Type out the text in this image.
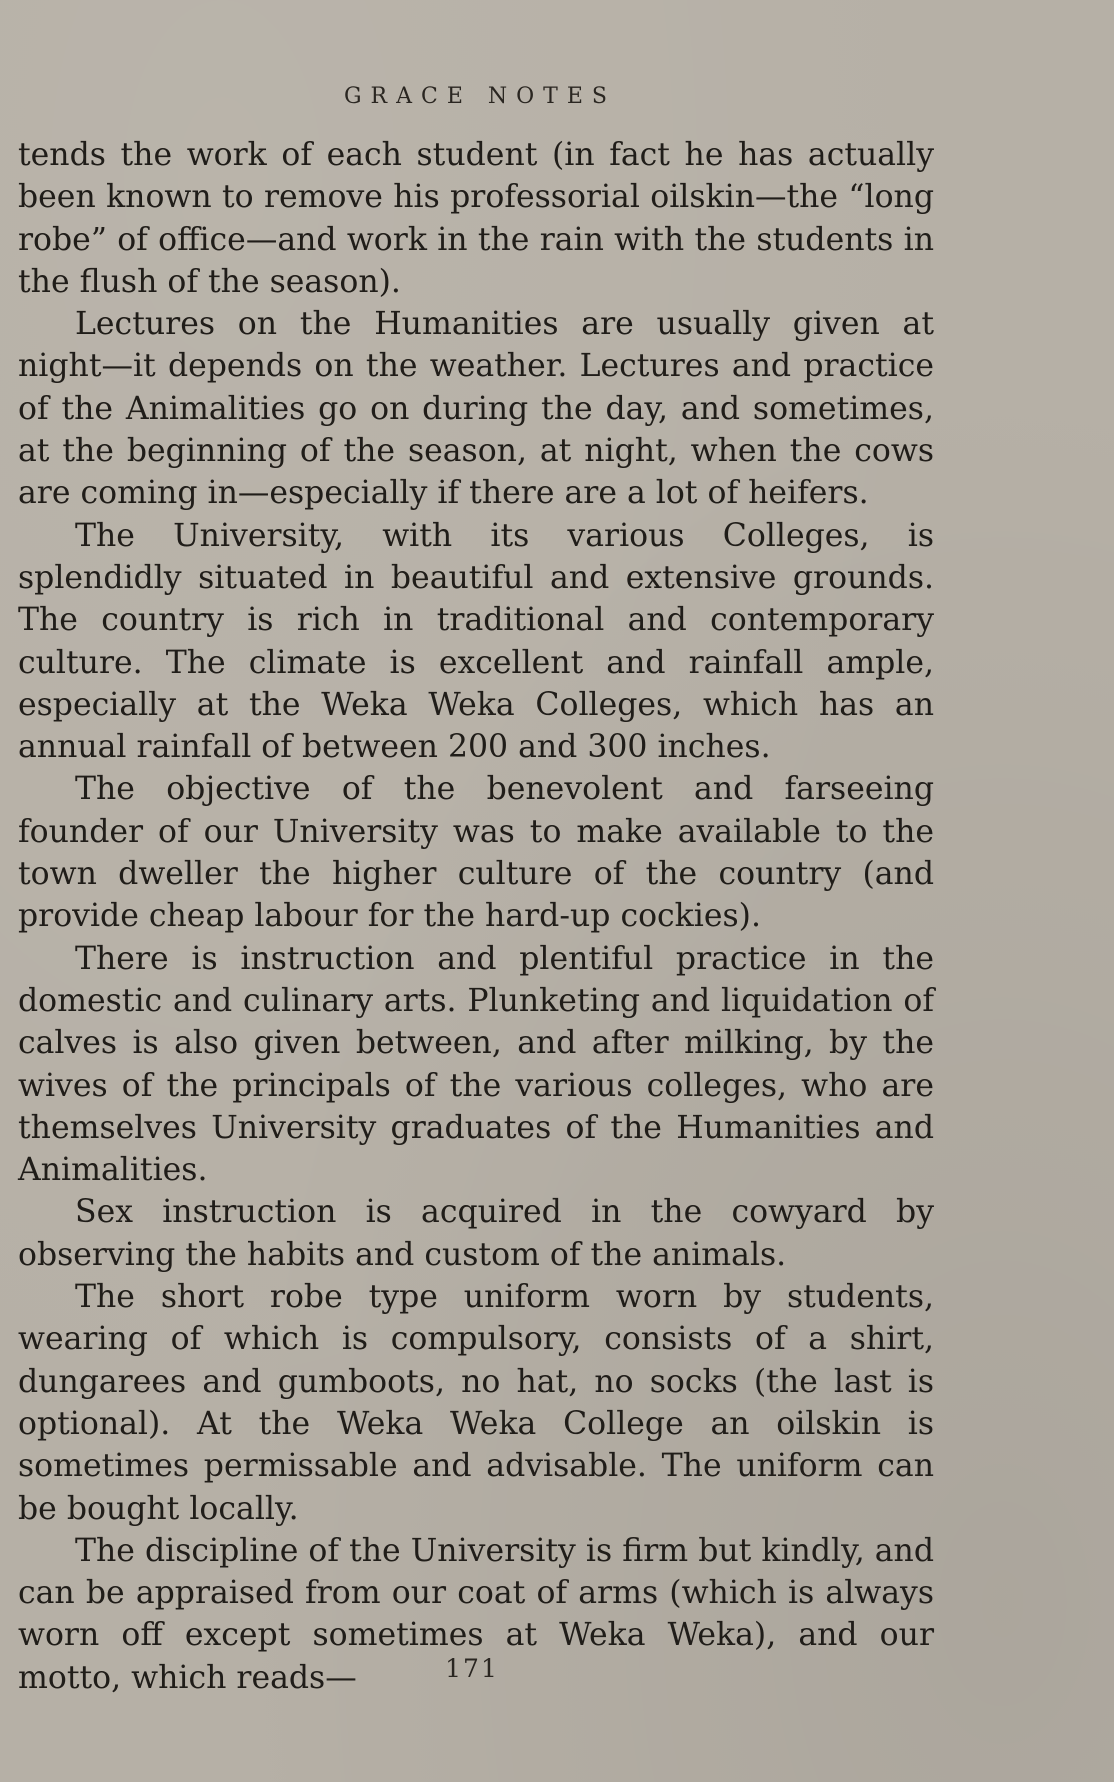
GRACE NOTES

tends the work of each student (in fact he has actually been known to remove his professorial oilskin—the “long robe” of office—and work in the rain with the students in the flush of the season).

Lectures on the Humanities are usually given at night—it depends on the weather. Lectures and practice of the Animalities go on during the day, and sometimes, at the beginning of the season, at night, when the cows are coming in—especially if there are a lot of heifers.

The University, with its various Colleges, is splendidly situated in beautiful and extensive grounds. The country is rich in traditional and contemporary culture. The climate is excellent and rainfall ample, especially at the Weka Weka Colleges, which has an annual rainfall of between 200 and 300 inches.

The objective of the benevolent and farseeing founder of our University was to make available to the town dweller the higher culture of the country (and provide cheap labour for the hard-up cockies).

There is instruction and plentiful practice in the domestic and culinary arts. Plunketing and liquidation of calves is also given between, and after milking, by the wives of the principals of the various colleges, who are themselves University graduates of the Humanities and Animalities.

Sex instruction is acquired in the cowyard by observing the habits and custom of the animals.

The short robe type uniform worn by students, wearing of which is compulsory, consists of a shirt, dungarees and gumboots, no hat, no socks (the last is optional). At the Weka Weka College an oilskin is sometimes permissable and advisable. The uniform can be bought locally.

The discipline of the University is firm but kindly, and can be appraised from our coat of arms (which is always worn off except sometimes at Weka Weka), and our motto, which reads—	171
